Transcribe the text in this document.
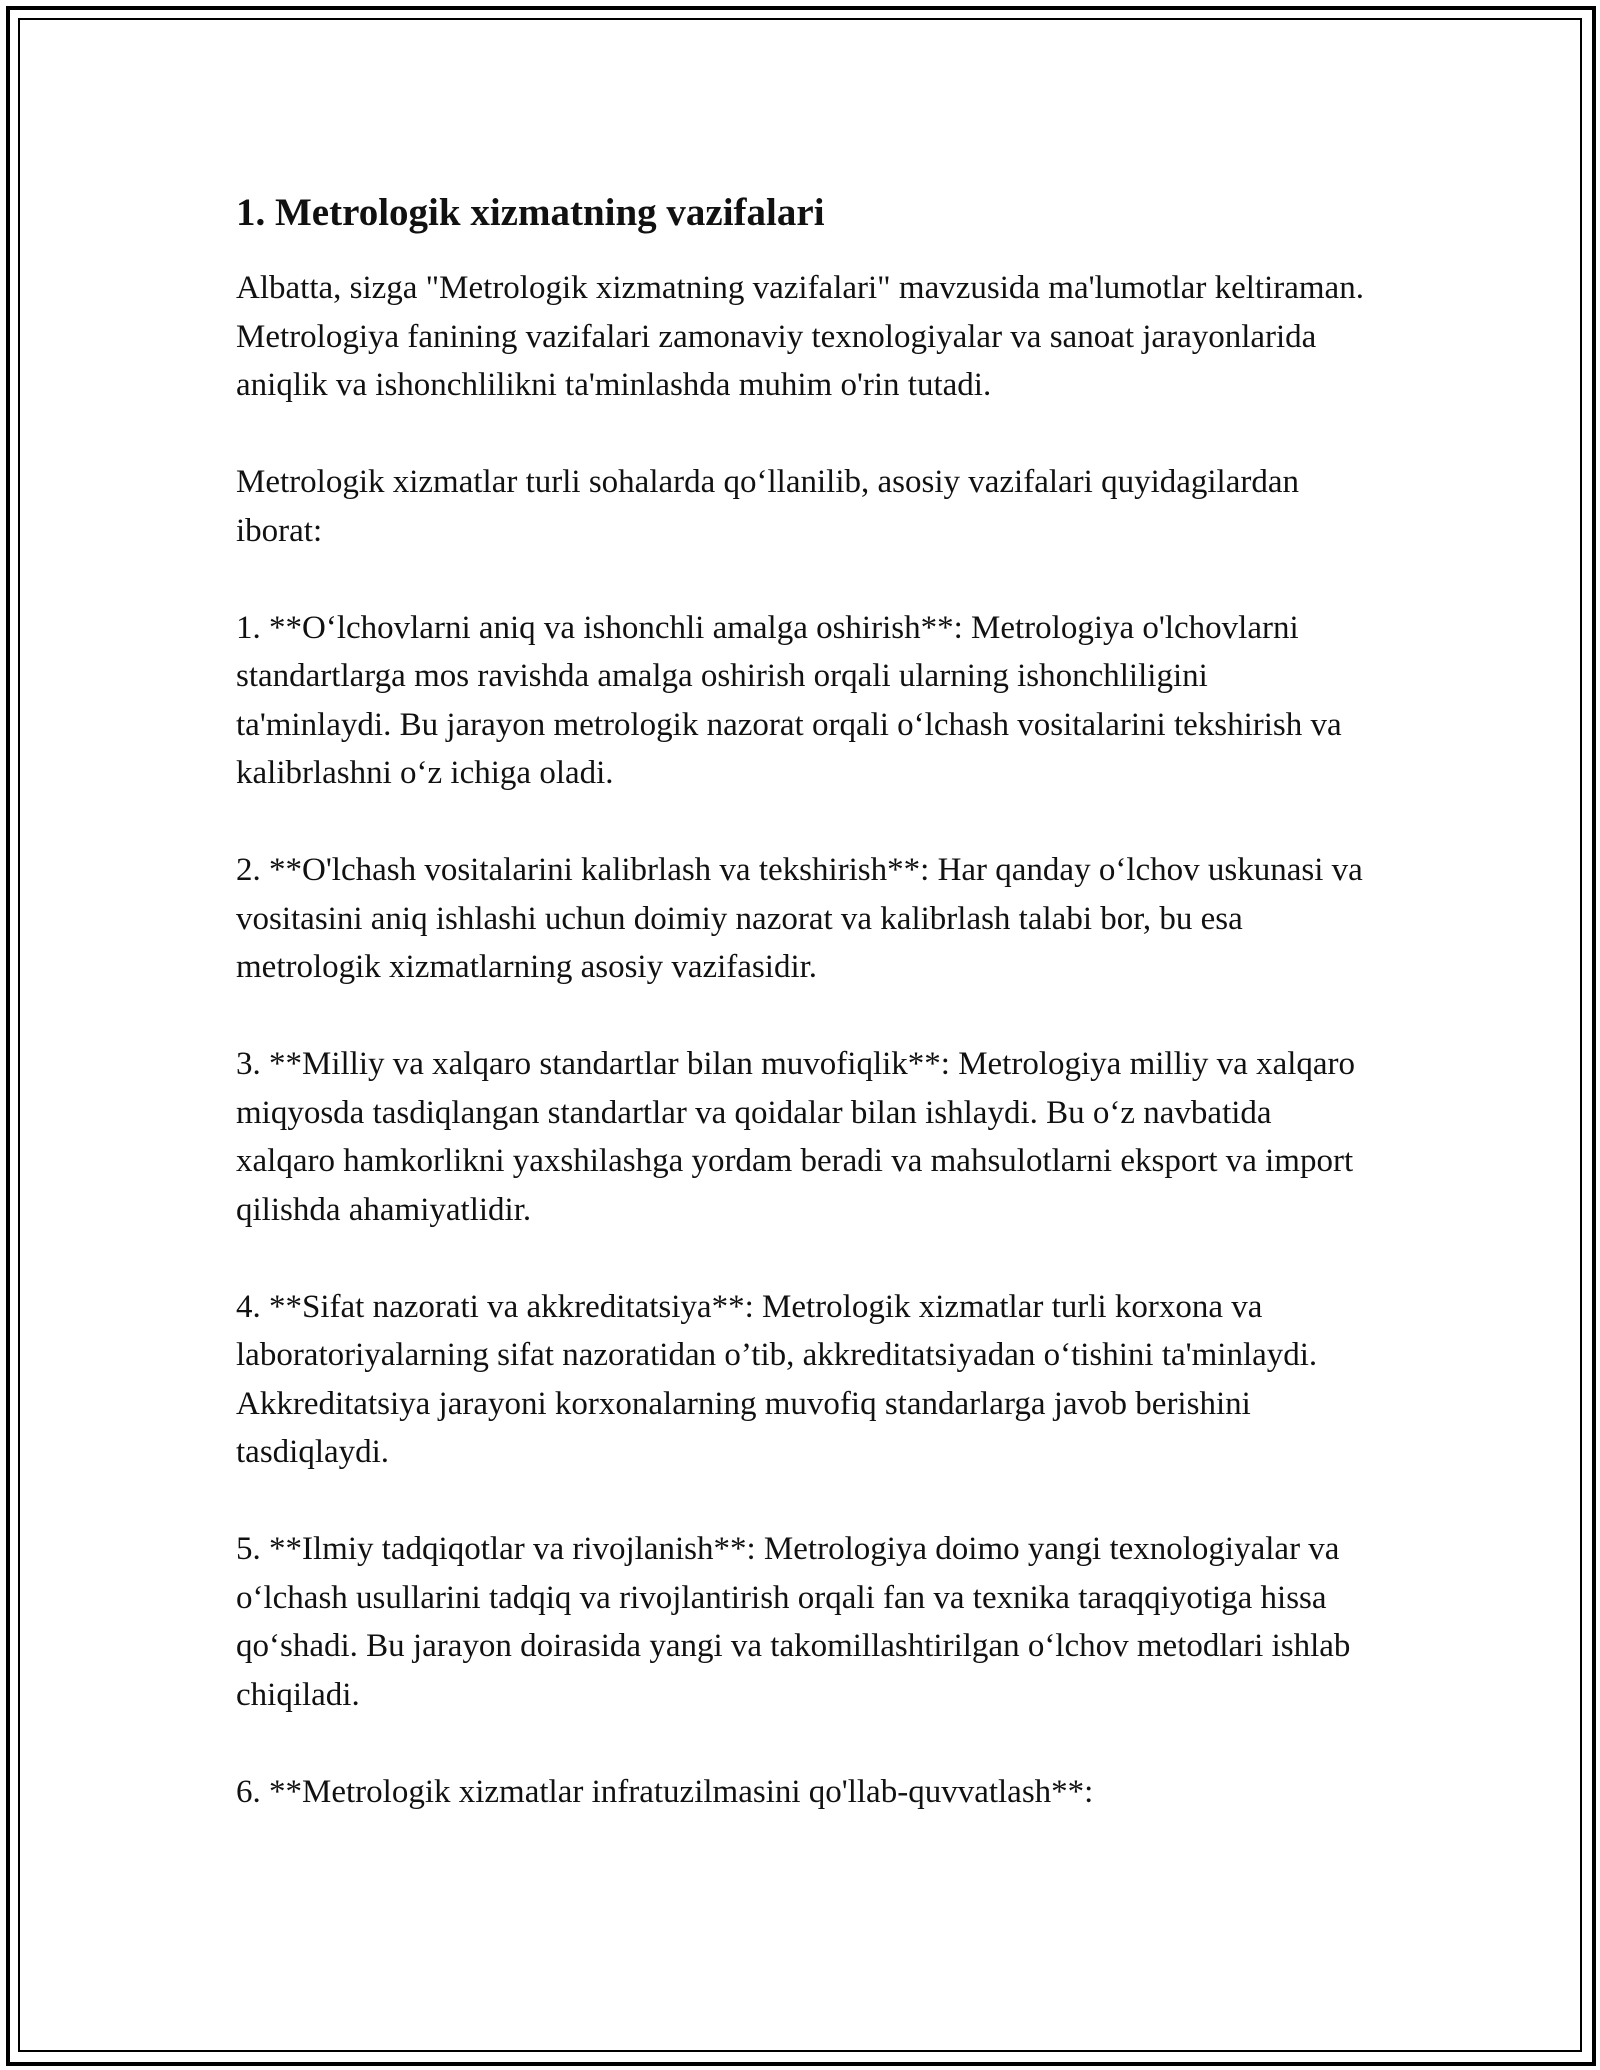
1. Metrologik xizmatning vazifalari

Albatta, sizga "Metrologik xizmatning vazifalari" mavzusida ma'lumotlar keltiraman. Metrologiya fanining vazifalari zamonaviy texnologiyalar va sanoat jarayonlarida aniqlik va ishonchlilikni ta'minlashda muhim o'rin tutadi.

Metrologik xizmatlar turli sohalarda qo‘llanilib, asosiy vazifalari quyidagilardan iborat:

1. **O‘lchovlarni aniq va ishonchli amalga oshirish**: Metrologiya o'lchovlarni standartlarga mos ravishda amalga oshirish orqali ularning ishonchliligini ta'minlaydi. Bu jarayon metrologik nazorat orqali o‘lchash vositalarini tekshirish va kalibrlashni o‘z ichiga oladi.

2. **O'lchash vositalarini kalibrlash va tekshirish**: Har qanday o‘lchov uskunasi va vositasini aniq ishlashi uchun doimiy nazorat va kalibrlash talabi bor, bu esa metrologik xizmatlarning asosiy vazifasidir.

3. **Milliy va xalqaro standartlar bilan muvofiqlik**: Metrologiya milliy va xalqaro miqyosda tasdiqlangan standartlar va qoidalar bilan ishlaydi. Bu o‘z navbatida xalqaro hamkorlikni yaxshilashga yordam beradi va mahsulotlarni eksport va import qilishda ahamiyatlidir.

4. **Sifat nazorati va akkreditatsiya**: Metrologik xizmatlar turli korxona va laboratoriyalarning sifat nazoratidan o’tib, akkreditatsiyadan o‘tishini ta'minlaydi. Akkreditatsiya jarayoni korxonalarning muvofiq standarlarga javob berishini tasdiqlaydi.

5. **Ilmiy tadqiqotlar va rivojlanish**: Metrologiya doimo yangi texnologiyalar va o‘lchash usullarini tadqiq va rivojlantirish orqali fan va texnika taraqqiyotiga hissa qo‘shadi. Bu jarayon doirasida yangi va takomillashtirilgan o‘lchov metodlari ishlab chiqiladi.

6. **Metrologik xizmatlar infratuzilmasini qo'llab-quvvatlash**:
